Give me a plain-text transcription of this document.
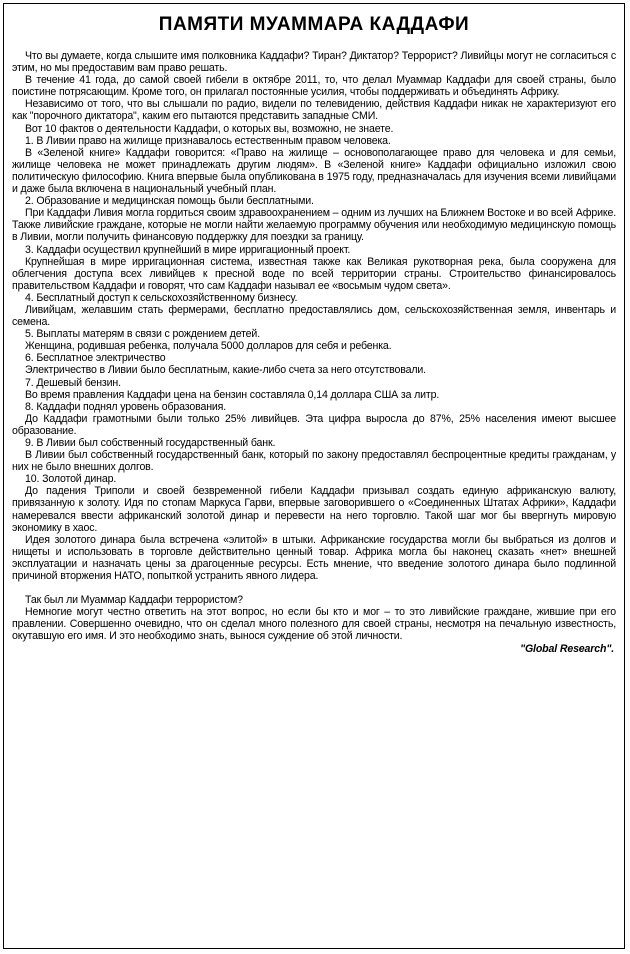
ПАМЯТИ МУАММАРА КАДДАФИ

Что вы думаете, когда слышите имя полковника Каддафи? Тиран? Диктатор? Террорист? Ливийцы могут не согласиться с этим, но мы предоставим вам право решать.

В течение 41 года, до самой своей гибели в октябре 2011, то, что делал Муаммар Каддафи для своей страны, было поистине потрясающим. Кроме того, он прилагал постоянные усилия, чтобы поддерживать и объединять Африку.

Независимо от того, что вы слышали по радио, видели по телевидению, действия Каддафи никак не характеризуют его как "порочного диктатора", каким его пытаются представить западные СМИ.

Вот 10 фактов о деятельности Каддафи, о которых вы, возможно, не знаете.

1. В Ливии право на жилище признавалось естественным правом человека.

В «Зеленой книге» Каддафи говорится: «Право на жилище – основополагающее право для человека и для семьи, жилище человека не может принадлежать другим людям». В «Зеленой книге» Каддафи официально изложил свою политическую философию. Книга впервые была опубликована в 1975 году, предназначалась для изучения всеми ливийцами и даже была включена в национальный учебный план.

2. Образование и медицинская помощь были бесплатными.

При Каддафи Ливия могла гордиться своим здравоохранением – одним из лучших на Ближнем Востоке и во всей Африке. Также ливийские граждане, которые не могли найти желаемую программу обучения или необходимую медицинскую помощь в Ливии, могли получить финансовую поддержку для поездки за границу.

3. Каддафи осуществил крупнейший в мире ирригационный проект.

Крупнейшая в мире ирригационная система, известная также как Великая рукотворная река, была сооружена для облегчения доступа всех ливийцев к пресной воде по всей территории страны. Строительство финансировалось правительством Каддафи и говорят, что сам Каддафи называл ее «восьмым чудом света».

4. Бесплатный доступ к сельскохозяйственному бизнесу.

Ливийцам, желавшим стать фермерами, бесплатно предоставлялись дом, сельскохозяйственная земля, инвентарь и семена.

5. Выплаты матерям в связи с рождением детей.

Женщина, родившая ребенка, получала 5000 долларов для себя и ребенка.

6. Бесплатное электричество

Электричество в Ливии было бесплатным, какие-либо счета за него отсутствовали.

7. Дешевый бензин.

Во время правления Каддафи цена на бензин составляла 0,14 доллара США за литр.

8. Каддафи поднял уровень образования.

До Каддафи грамотными были только 25% ливийцев. Эта цифра выросла до 87%, 25% населения имеют высшее образование.

9. В Ливии был собственный государственный банк.

В Ливии был собственный государственный банк, который по закону предоставлял беспроцентные кредиты гражданам, у них не было внешних долгов.

10. Золотой динар.

До падения Триполи и своей безвременной гибели Каддафи призывал создать единую африканскую валюту, привязанную к золоту. Идя по стопам Маркуса Гарви, впервые заговорившего о «Соединенных Штатах Африки», Каддафи намеревался ввести африканский золотой динар и перевести на него торговлю. Такой шаг мог бы ввергнуть мировую экономику в хаос.

Идея золотого динара была встречена «элитой» в штыки. Африканские государства могли бы выбраться из долгов и нищеты и использовать в торговле действительно ценный товар. Африка могла бы наконец сказать «нет» внешней эксплуатации и назначать цены за драгоценные ресурсы. Есть мнение, что введение золотого динара было подлинной причиной вторжения НАТО, попыткой устранить явного лидера.

Так был ли Муаммар Каддафи террористом?

Немногие могут честно ответить на этот вопрос, но если бы кто и мог – то это ливийские граждане, жившие при его правлении. Совершенно очевидно, что он сделал много полезного для своей страны, несмотря на печальную известность, окутавшую его имя. И это необходимо знать, вынося суждение об этой личности.

"Global Research".
